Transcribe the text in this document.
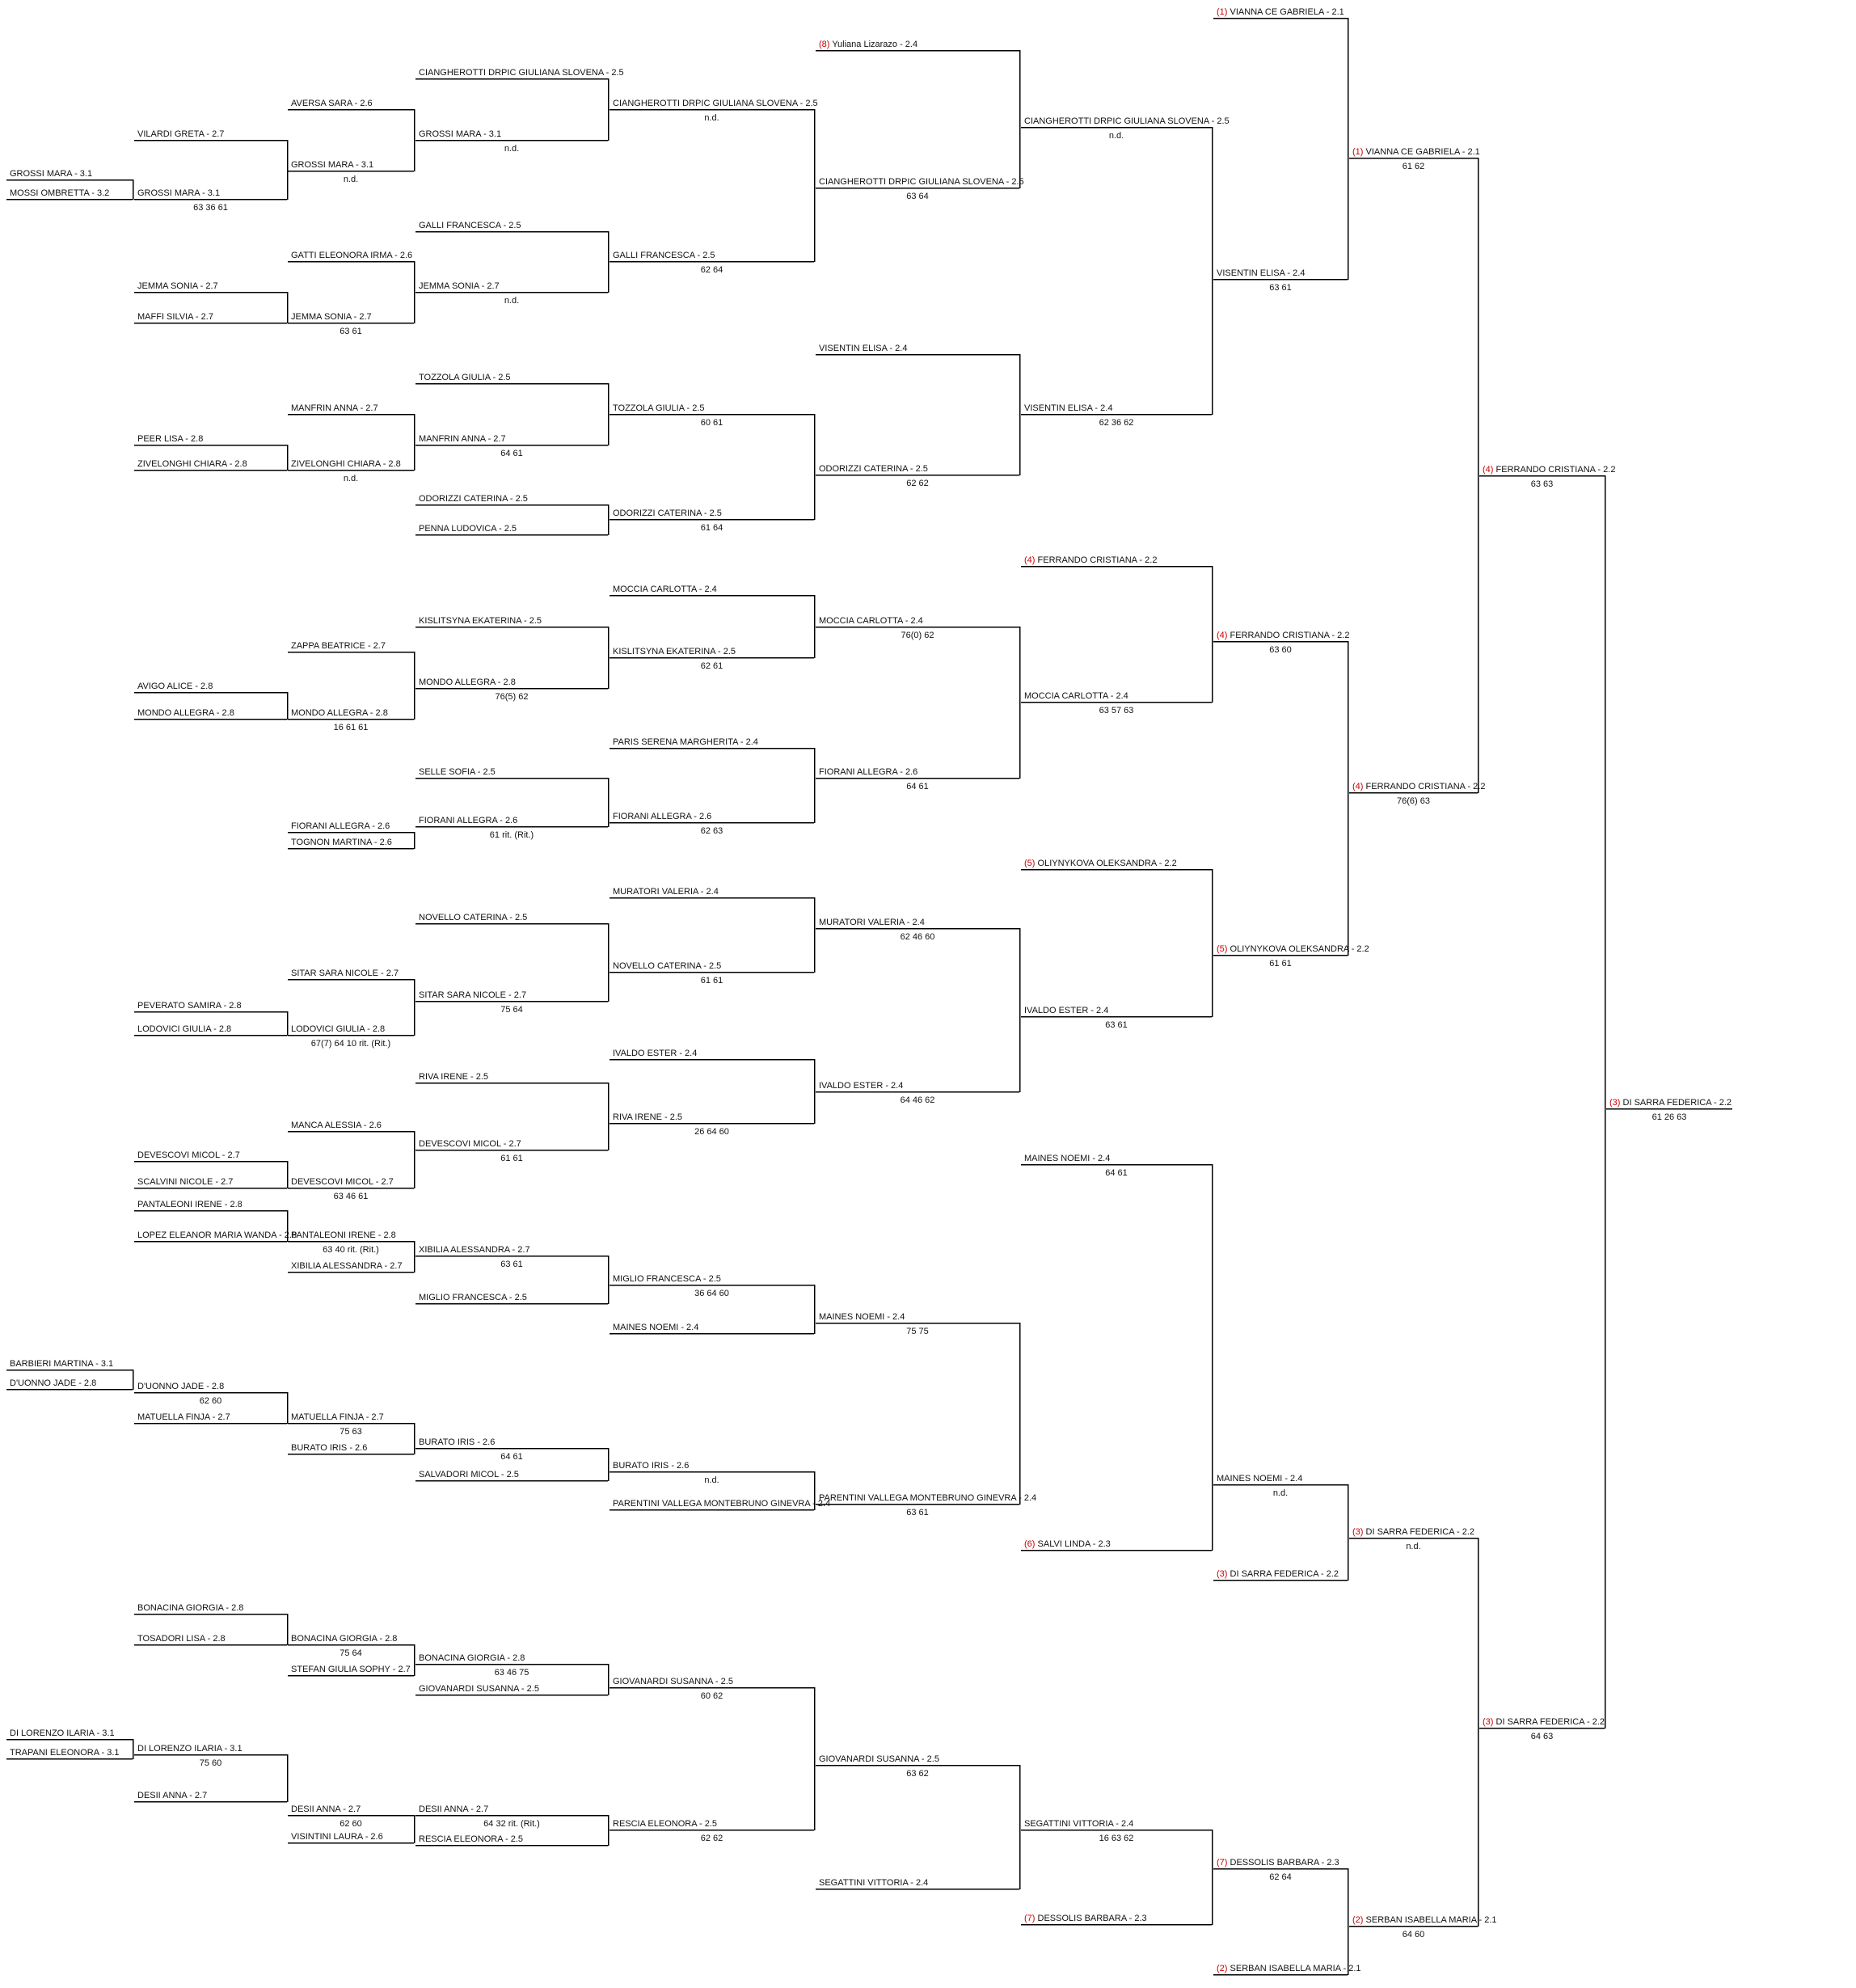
GROSSI MARA - 3.1
MOSSI OMBRETTA - 3.2
BARBIERI MARTINA - 3.1
D'UONNO JADE - 2.8
DI LORENZO ILARIA - 3.1
TRAPANI ELEONORA - 3.1
VILARDI GRETA - 2.7
GROSSI MARA - 3.1
63 36 61
JEMMA SONIA - 2.7
MAFFI SILVIA - 2.7
PEER LISA - 2.8
ZIVELONGHI CHIARA - 2.8
AVIGO ALICE - 2.8
MONDO ALLEGRA - 2.8
PEVERATO SAMIRA - 2.8
LODOVICI GIULIA - 2.8
DEVESCOVI MICOL - 2.7
SCALVINI NICOLE - 2.7
PANTALEONI IRENE - 2.8
LOPEZ ELEANOR MARIA WANDA - 2.8
D'UONNO JADE - 2.8
62 60
MATUELLA FINJA - 2.7
BONACINA GIORGIA - 2.8
TOSADORI LISA - 2.8
DI LORENZO ILARIA - 3.1
75 60
DESII ANNA - 2.7
AVERSA SARA - 2.6
GROSSI MARA - 3.1
n.d.
GATTI ELEONORA IRMA - 2.6
JEMMA SONIA - 2.7
63 61
MANFRIN ANNA - 2.7
ZIVELONGHI CHIARA - 2.8
n.d.
ZAPPA BEATRICE - 2.7
MONDO ALLEGRA - 2.8
16 61 61
FIORANI ALLEGRA - 2.6
TOGNON MARTINA - 2.6
SITAR SARA NICOLE - 2.7
LODOVICI GIULIA - 2.8
67(7) 64 10 rit. (Rit.)
MANCA ALESSIA - 2.6
DEVESCOVI MICOL - 2.7
63 46 61
PANTALEONI IRENE - 2.8
63 40 rit. (Rit.)
XIBILIA ALESSANDRA - 2.7
MATUELLA FINJA - 2.7
75 63
BURATO IRIS - 2.6
BONACINA GIORGIA - 2.8
75 64
STEFAN GIULIA SOPHY - 2.7
DESII ANNA - 2.7
62 60
VISINTINI LAURA - 2.6
CIANGHEROTTI DRPIC GIULIANA SLOVENA - 2.5
GROSSI MARA - 3.1
n.d.
GALLI FRANCESCA - 2.5
JEMMA SONIA - 2.7
n.d.
TOZZOLA GIULIA - 2.5
MANFRIN ANNA - 2.7
64 61
ODORIZZI CATERINA - 2.5
PENNA LUDOVICA - 2.5
KISLITSYNA EKATERINA - 2.5
MONDO ALLEGRA - 2.8
76(5) 62
SELLE SOFIA - 2.5
FIORANI ALLEGRA - 2.6
61 rit. (Rit.)
NOVELLO CATERINA - 2.5
SITAR SARA NICOLE - 2.7
75 64
RIVA IRENE - 2.5
DEVESCOVI MICOL - 2.7
61 61
XIBILIA ALESSANDRA - 2.7
63 61
MIGLIO FRANCESCA - 2.5
BURATO IRIS - 2.6
64 61
SALVADORI MICOL - 2.5
BONACINA GIORGIA - 2.8
63 46 75
GIOVANARDI SUSANNA - 2.5
DESII ANNA - 2.7
64 32 rit. (Rit.)
RESCIA ELEONORA - 2.5
CIANGHEROTTI DRPIC GIULIANA SLOVENA - 2.5
n.d.
GALLI FRANCESCA - 2.5
62 64
TOZZOLA GIULIA - 2.5
60 61
ODORIZZI CATERINA - 2.5
61 64
MOCCIA CARLOTTA - 2.4
KISLITSYNA EKATERINA - 2.5
62 61
PARIS SERENA MARGHERITA - 2.4
FIORANI ALLEGRA - 2.6
62 63
MURATORI VALERIA - 2.4
NOVELLO CATERINA - 2.5
61 61
IVALDO ESTER - 2.4
RIVA IRENE - 2.5
26 64 60
MIGLIO FRANCESCA - 2.5
36 64 60
MAINES NOEMI - 2.4
BURATO IRIS - 2.6
n.d.
PARENTINI VALLEGA MONTEBRUNO GINEVRA - 2.4
GIOVANARDI SUSANNA - 2.5
60 62
RESCIA ELEONORA - 2.5
62 62
(8) Yuliana Lizarazo - 2.4
CIANGHEROTTI DRPIC GIULIANA SLOVENA - 2.5
63 64
VISENTIN ELISA - 2.4
ODORIZZI CATERINA - 2.5
62 62
MOCCIA CARLOTTA - 2.4
76(0) 62
FIORANI ALLEGRA - 2.6
64 61
MURATORI VALERIA - 2.4
62 46 60
IVALDO ESTER - 2.4
64 46 62
MAINES NOEMI - 2.4
75 75
PARENTINI VALLEGA MONTEBRUNO GINEVRA - 2.4
63 61
GIOVANARDI SUSANNA - 2.5
63 62
SEGATTINI VITTORIA - 2.4
CIANGHEROTTI DRPIC GIULIANA SLOVENA - 2.5
n.d.
VISENTIN ELISA - 2.4
62 36 62
(4) FERRANDO CRISTIANA - 2.2
MOCCIA CARLOTTA - 2.4
63 57 63
(5) OLIYNYKOVA OLEKSANDRA - 2.2
IVALDO ESTER - 2.4
63 61
MAINES NOEMI - 2.4
64 61
(6) SALVI LINDA - 2.3
SEGATTINI VITTORIA - 2.4
16 63 62
(7) DESSOLIS BARBARA - 2.3
(1) VIANNA CE GABRIELA - 2.1
VISENTIN ELISA - 2.4
63 61
(4) FERRANDO CRISTIANA - 2.2
63 60
(5) OLIYNYKOVA OLEKSANDRA - 2.2
61 61
MAINES NOEMI - 2.4
n.d.
(3) DI SARRA FEDERICA - 2.2
(7) DESSOLIS BARBARA - 2.3
62 64
(2) SERBAN ISABELLA MARIA - 2.1
(1) VIANNA CE GABRIELA - 2.1
61 62
(4) FERRANDO CRISTIANA - 2.2
76(6) 63
(3) DI SARRA FEDERICA - 2.2
n.d.
(2) SERBAN ISABELLA MARIA - 2.1
64 60
(4) FERRANDO CRISTIANA - 2.2
63 63
(3) DI SARRA FEDERICA - 2.2
64 63
(3) DI SARRA FEDERICA - 2.2
61 26 63
